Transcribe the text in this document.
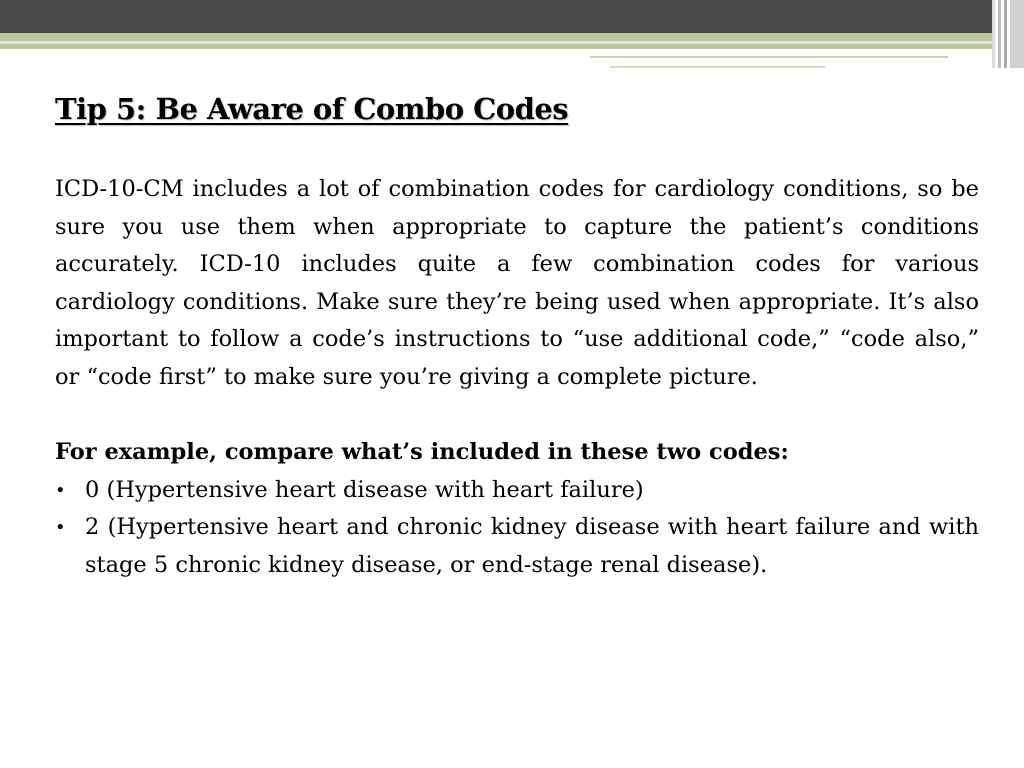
Tip 5: Be Aware of Combo Codes

ICD-10-CM includes a lot of combination codes for cardiology conditions, so be sure you use them when appropriate to capture the patient’s conditions accurately. ICD-10 includes quite a few combination codes for various cardiology conditions. Make sure they’re being used when appropriate. It’s also important to follow a code’s instructions to “use additional code,” “code also,” or “code first” to make sure you’re giving a complete picture.

For example, compare what’s included in these two codes:

• 0 (Hypertensive heart disease with heart failure)
• 2 (Hypertensive heart and chronic kidney disease with heart failure and with stage 5 chronic kidney disease, or end-stage renal disease).
